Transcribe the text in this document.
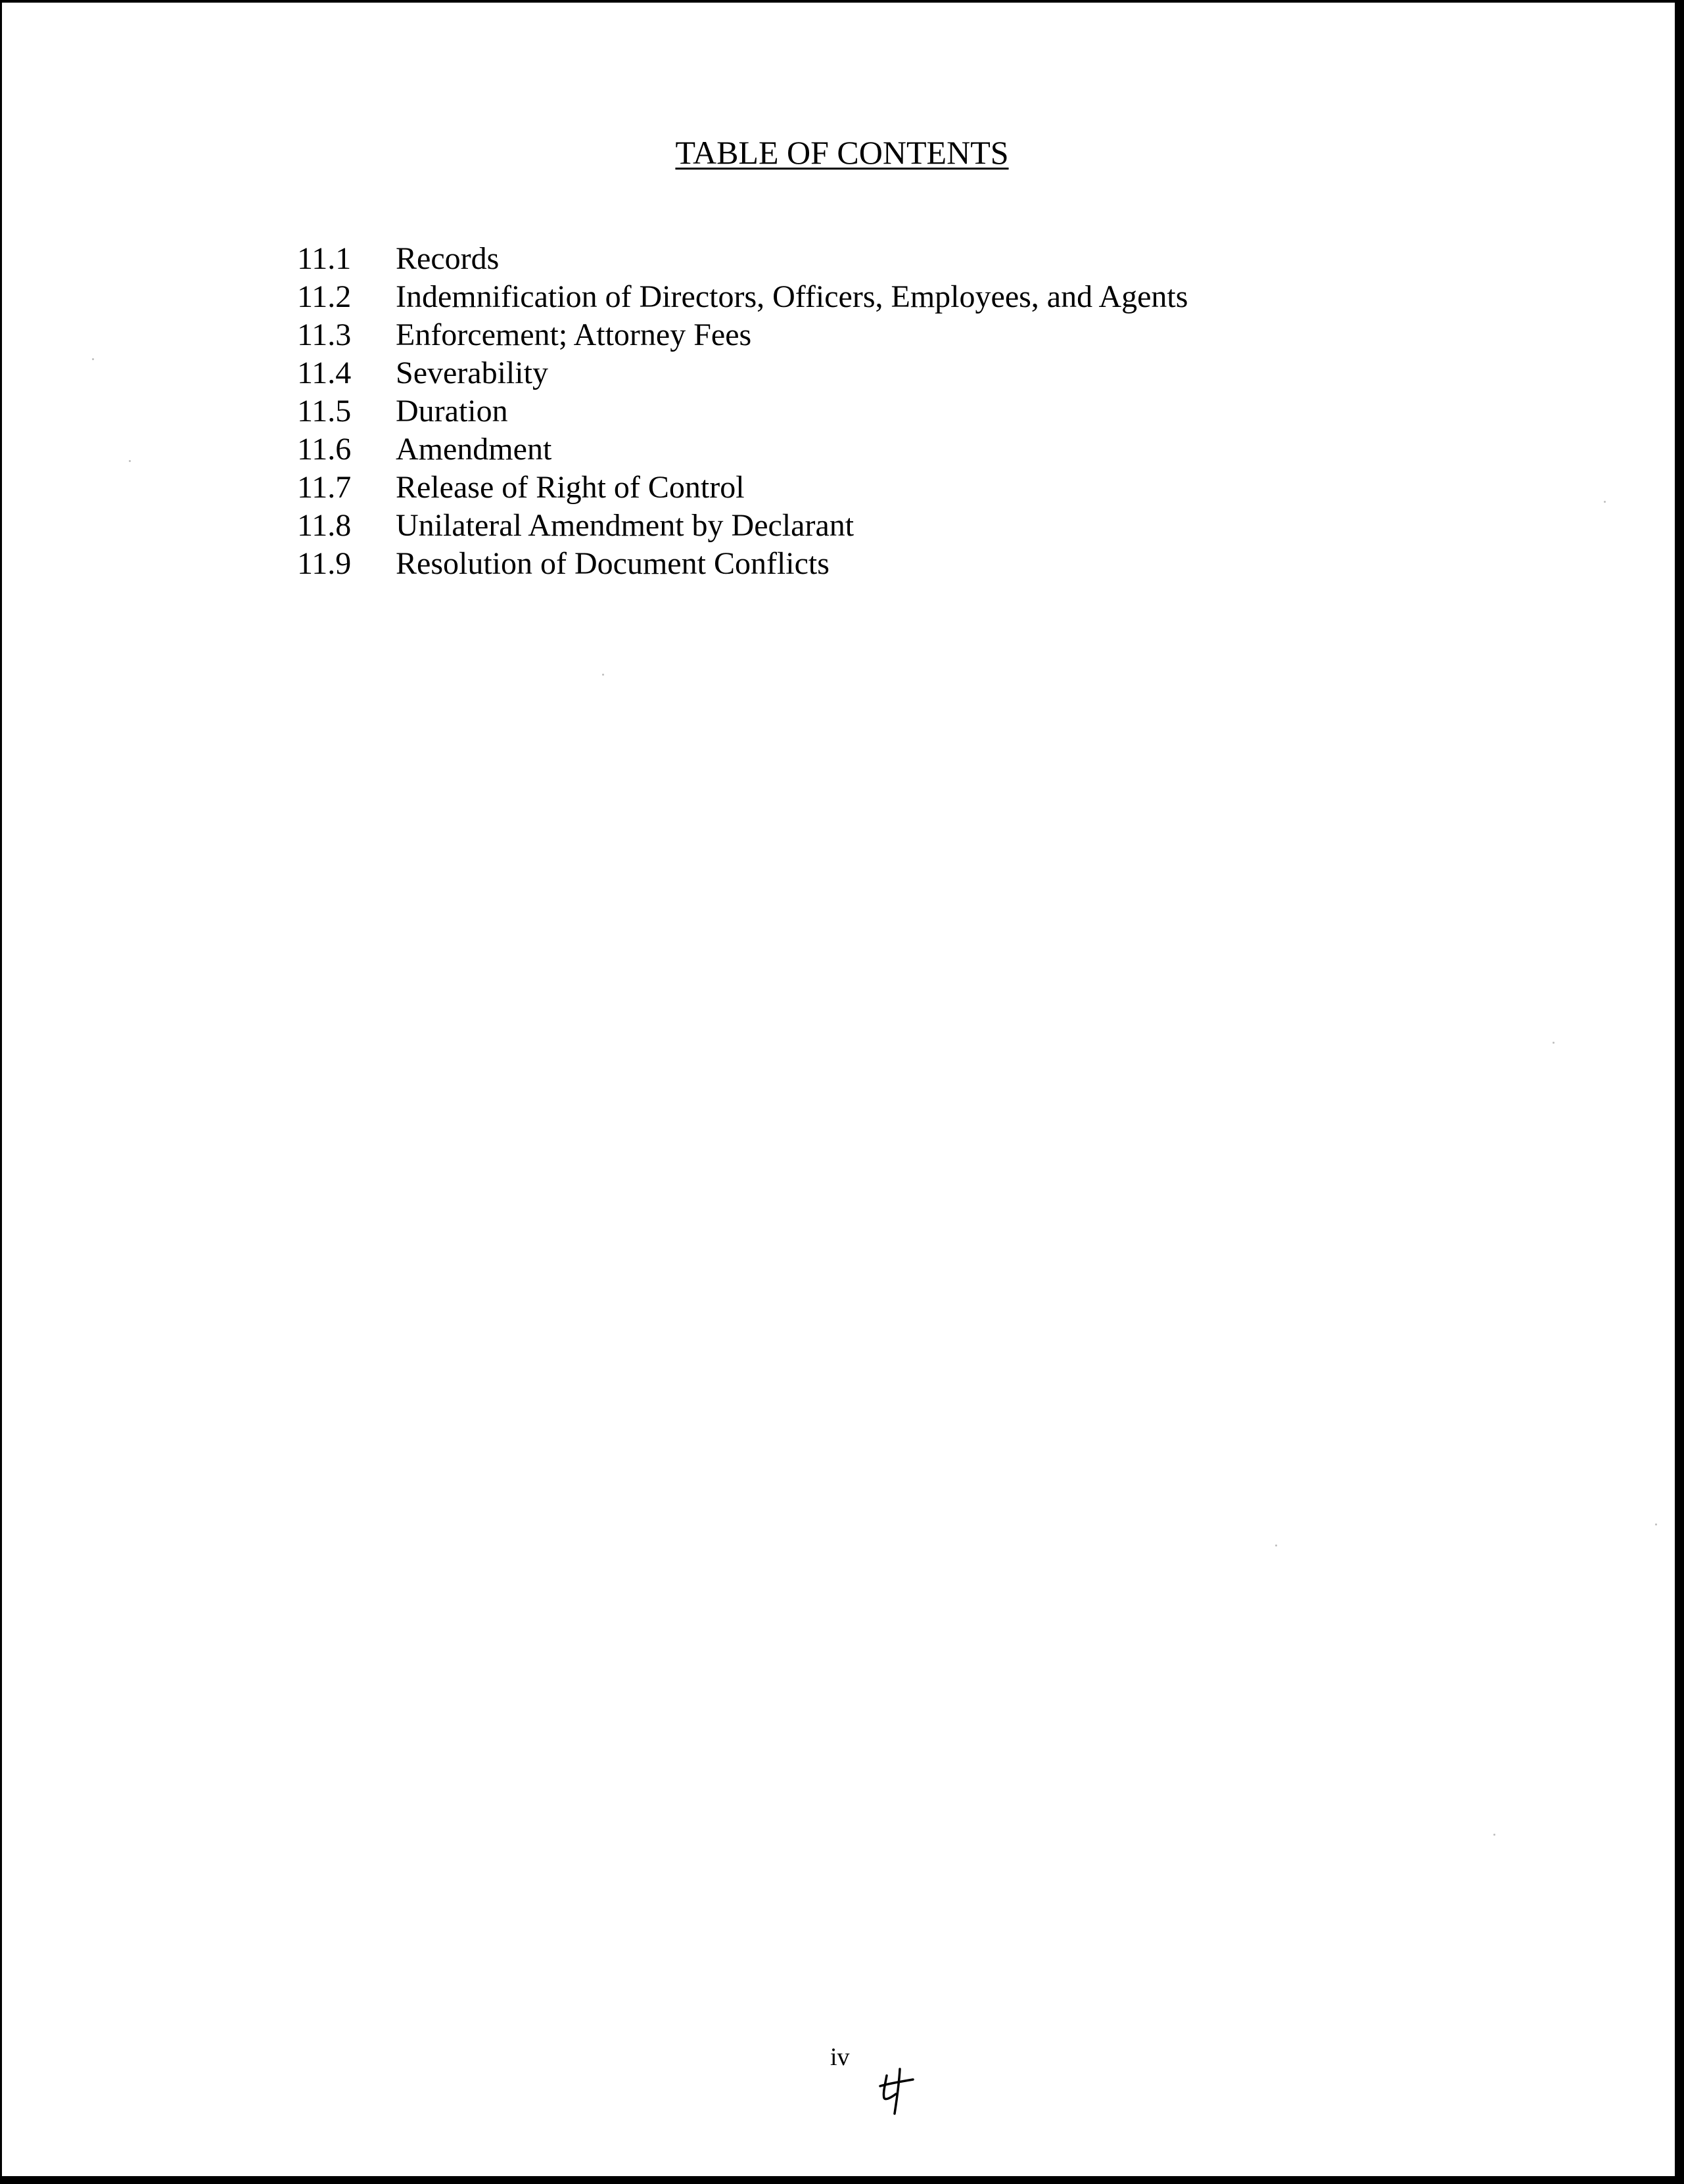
TABLE OF CONTENTS
11.1	Records
11.2	Indemnification of Directors, Officers, Employees, and Agents
11.3	Enforcement; Attorney Fees
11.4	Severability
11.5	Duration
11.6	Amendment
11.7	Release of Right of Control
11.8	Unilateral Amendment by Declarant
11.9	Resolution of Document Conflicts
iv
